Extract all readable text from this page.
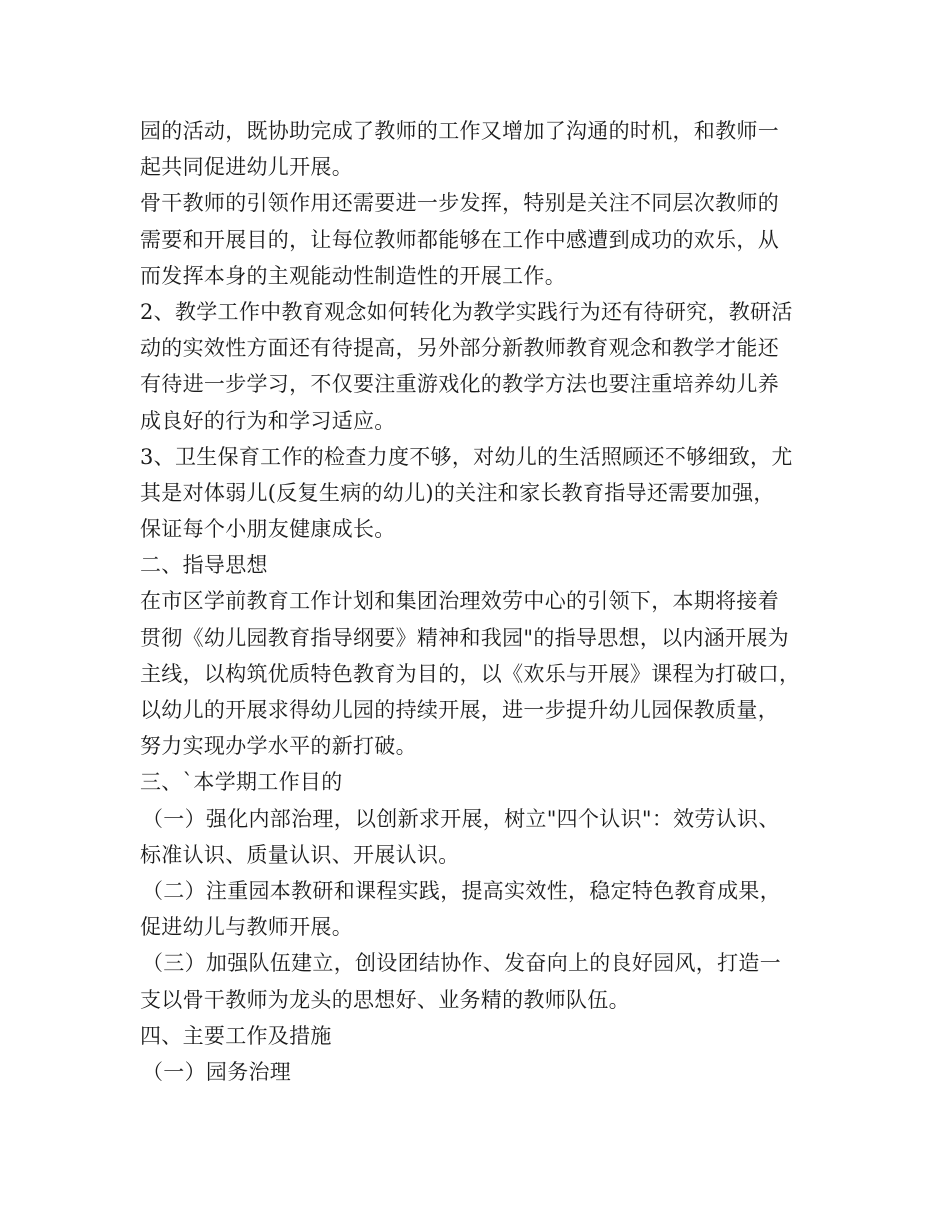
园的活动，既协助完成了教师的工作又增加了沟通的时机，和教师一
起共同促进幼儿开展。
骨干教师的引领作用还需要进一步发挥，特别是关注不同层次教师的
需要和开展目的，让每位教师都能够在工作中感遭到成功的欢乐，从
而发挥本身的主观能动性制造性的开展工作。
2、教学工作中教育观念如何转化为教学实践行为还有待研究，教研活
动的实效性方面还有待提高，另外部分新教师教育观念和教学才能还
有待进一步学习，不仅要注重游戏化的教学方法也要注重培养幼儿养
成良好的行为和学习适应。
3、卫生保育工作的检查力度不够，对幼儿的生活照顾还不够细致，尤
其是对体弱儿(反复生病的幼儿)的关注和家长教育指导还需要加强，
保证每个小朋友健康成长。
二、指导思想
在市区学前教育工作计划和集团治理效劳中心的引领下，本期将接着
贯彻《幼儿园教育指导纲要》精神和我园"的指导思想，以内涵开展为
主线，以构筑优质特色教育为目的，以《欢乐与开展》课程为打破口，
以幼儿的开展求得幼儿园的持续开展，进一步提升幼儿园保教质量，
努力实现办学水平的新打破。
三、`本学期工作目的
（一）强化内部治理，以创新求开展，树立"四个认识"：效劳认识、
标准认识、质量认识、开展认识。
（二）注重园本教研和课程实践，提高实效性，稳定特色教育成果，
促进幼儿与教师开展。
（三）加强队伍建立，创设团结协作、发奋向上的良好园风，打造一
支以骨干教师为龙头的思想好、业务精的教师队伍。
四、主要工作及措施
（一）园务治理
